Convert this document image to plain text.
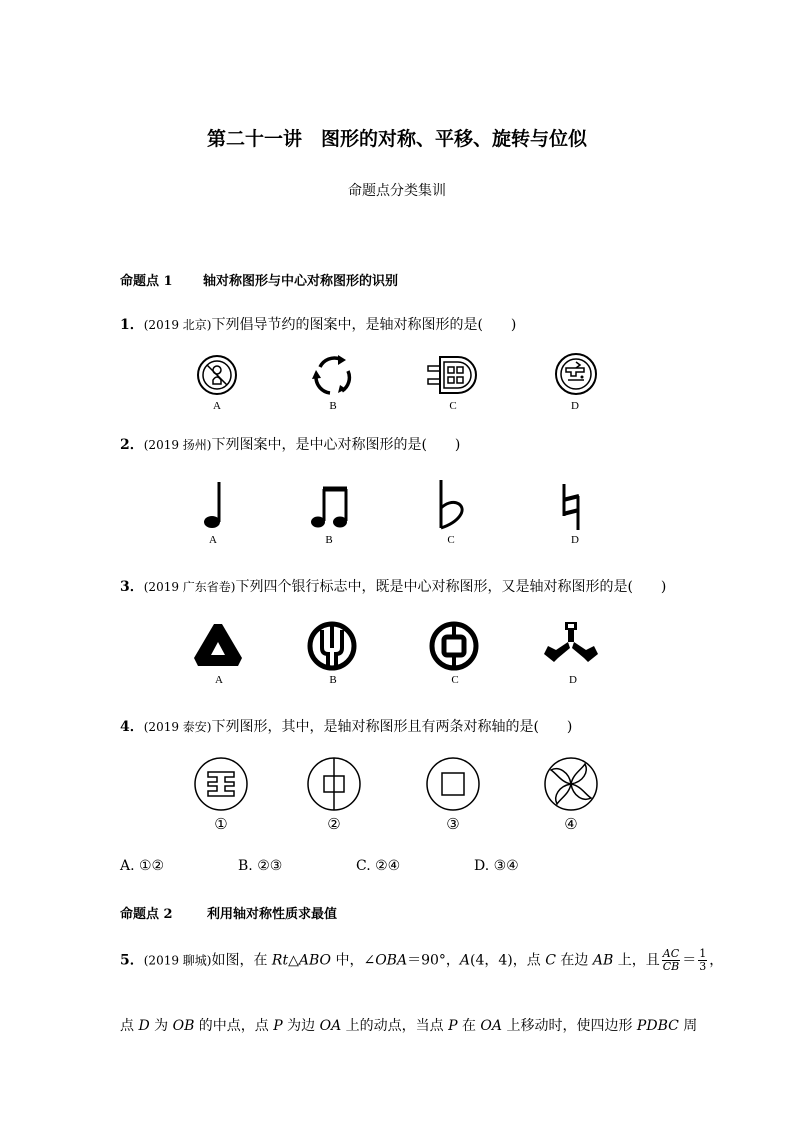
第二十一讲　图形的对称、平移、旋转与位似
命题点分类集训
命题点 1 轴对称图形与中心对称图形的识别
1．(2019 北京)下列倡导节约的图案中，是轴对称图形的是(　　)
A	B	C	D
2．(2019 扬州)下列图案中，是中心对称图形的是(　　)
A	B	C	D
3．(2019 广东省卷)下列四个银行标志中，既是中心对称图形，又是轴对称图形的是(　　)
A	B	C	D
4．(2019 泰安)下列图形，其中，是轴对称图形且有两条对称轴的是(　　)
①	②	③	④
A. ①②	B. ②③	C. ②④	D. ③④
命题点 2	利用轴对称性质求最值
5．(2019 聊城)如图，在 Rt△ABO 中，∠OBA＝90°，A(4，4)，点 C 在边 AB 上，且 $\frac{AC}{CB} = \frac{1}{3}$ ，
点 D 为 OB 的中点，点 P 为边 OA 上的动点，当点 P 在 OA 上移动时，使四边形 PDBC 周
